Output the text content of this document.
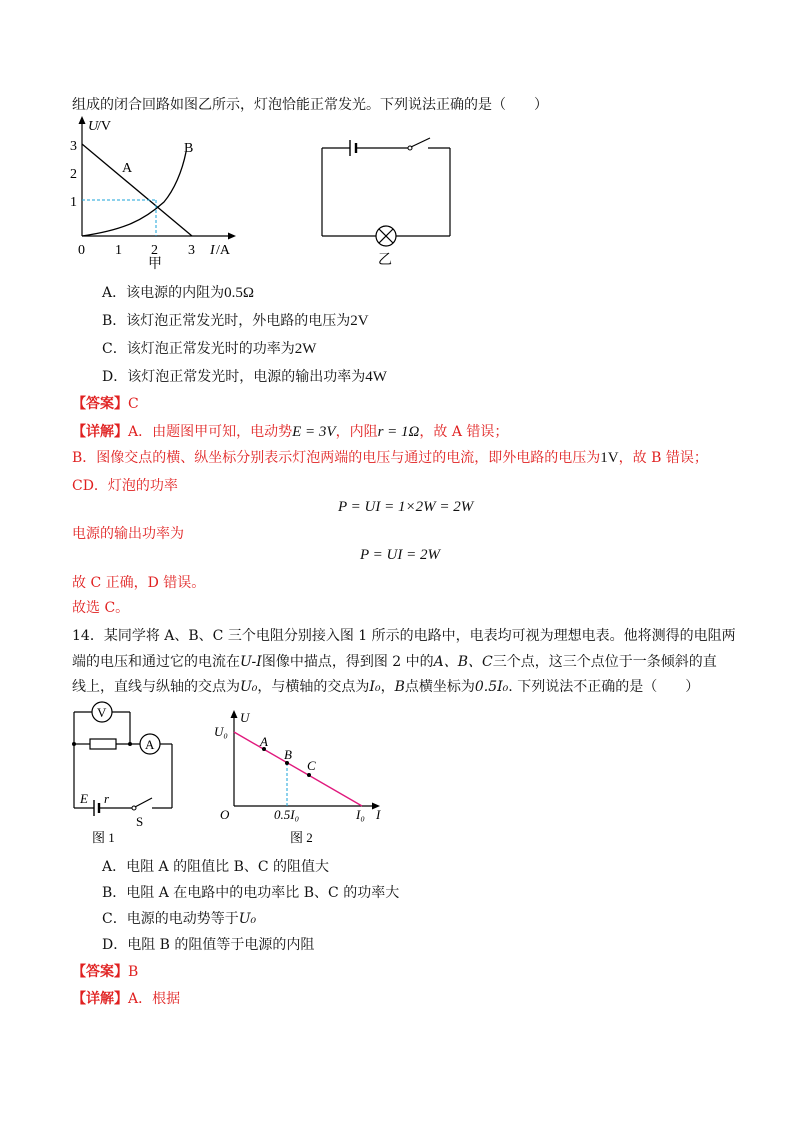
组成的闭合回路如图乙所示，灯泡恰能正常发光。下列说法正确的是（　　）
U
/V
3
2
1
0 1 2 3 I /A
A
B
甲	乙
A．该电源的内阻为0.5Ω
B．该灯泡正常发光时，外电路的电压为2V
C．该灯泡正常发光时的功率为2W
D．该灯泡正常发光时，电源的输出功率为4W
【答案】C
【详解】A．由题图甲可知，电动势E = 3V，内阻r = 1Ω，故 A 错误；
B．图像交点的横、纵坐标分别表示灯泡两端的电压与通过的电流，即外电路的电压为1V，故 B 错误；
CD．灯泡的功率
P = UI = 1×2W = 2W
电源的输出功率为
P = UI = 2W
故 C 正确，D 错误。
故选 C。
14．某同学将 A、B、C 三个电阻分别接入图 1 所示的电路中，电表均可视为理想电表。他将测得的电阻两
端的电压和通过它的电流在U-I图像中描点，得到图 2 中的A、B、C三个点，这三个点位于一条倾斜的直
线上，直线与纵轴的交点为U₀，与横轴的交点为I₀，B点横坐标为0.5I₀. 下列说法不正确的是（　　）
V
A
E r
S
图 1
U
U₀
O	I
I₀
0.5I₀
A
B
C
图 2
A．电阻 A 的阻值比 B、C 的阻值大
B．电阻 A 在电路中的电功率比 B、C 的功率大
C．电源的电动势等于U₀
D．电阻 B 的阻值等于电源的内阻
【答案】B
【详解】A．根据
